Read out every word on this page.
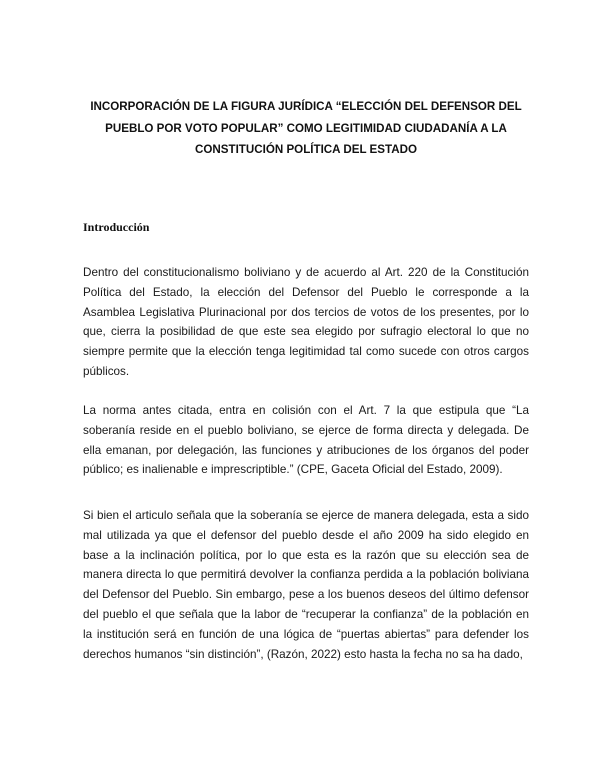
INCORPORACIÓN DE LA FIGURA JURÍDICA “ELECCIÓN DEL DEFENSOR DEL
PUEBLO POR VOTO POPULAR” COMO LEGITIMIDAD CIUDADANÍA A LA
CONSTITUCIÓN POLÍTICA DEL ESTADO
Introducción

Dentro del constitucionalismo boliviano y de acuerdo al Art. 220 de la Constitución
Política del Estado, la elección del Defensor del Pueblo le corresponde a la
Asamblea Legislativa Plurinacional por dos tercios de votos de los presentes, por lo
que, cierra la posibilidad de que este sea elegido por sufragio electoral lo que no
siempre permite que la elección tenga legitimidad tal como sucede con otros cargos
públicos.

La norma antes citada, entra en colisión con el Art. 7 la que estipula que “La
soberanía reside en el pueblo boliviano, se ejerce de forma directa y delegada. De
ella emanan, por delegación, las funciones y atribuciones de los órganos del poder
público; es inalienable e imprescriptible.” (CPE, Gaceta Oficial del Estado, 2009).

Si bien el articulo señala que la soberanía se ejerce de manera delegada, esta a sido
mal utilizada ya que el defensor del pueblo desde el año 2009 ha sido elegido en
base a la inclinación política, por lo que esta es la razón que su elección sea de
manera directa lo que permitirá devolver la confianza perdida a la población boliviana
del Defensor del Pueblo. Sin embargo, pese a los buenos deseos del último defensor
del pueblo el que señala que la labor de “recuperar la confianza” de la población en
la institución será en función de una lógica de “puertas abiertas” para defender los
derechos humanos “sin distinción”, (Razón, 2022) esto hasta la fecha no sa ha dado,
